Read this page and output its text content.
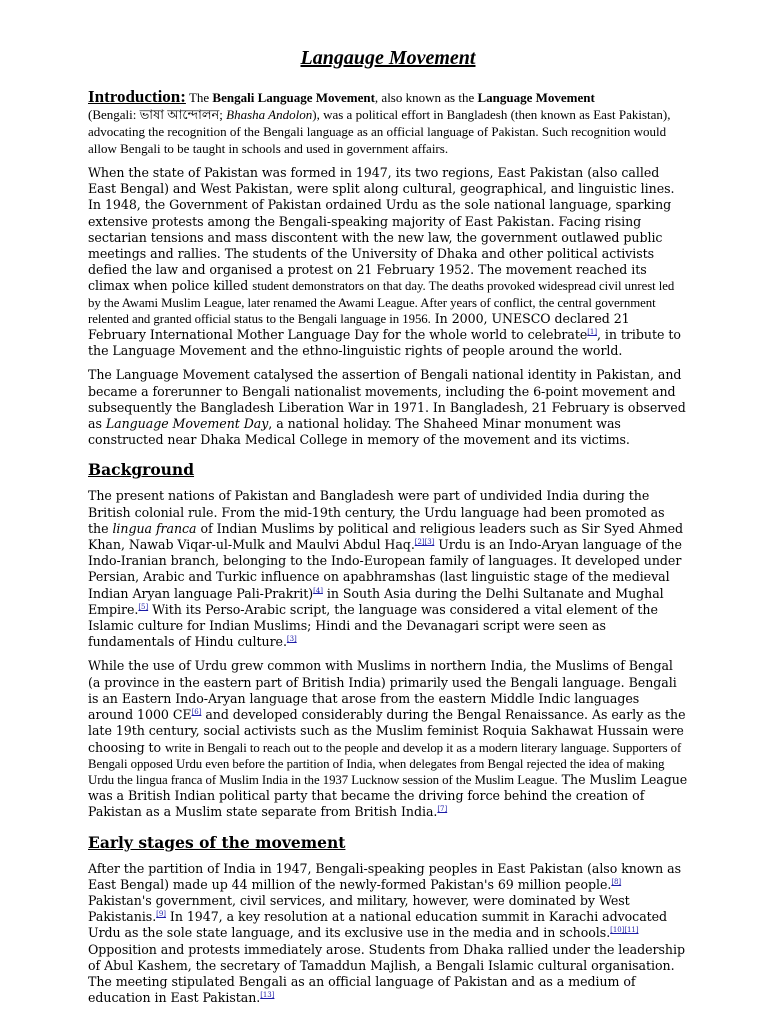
Langauge Movement

Introduction: The Bengali Language Movement, also known as the Language Movement
(Bengali: ভাষা আন্দোলন; Bhasha Andolon), was a political effort in Bangladesh (then known as East Pakistan), advocating the recognition of the Bengali language as an official language of Pakistan. Such recognition would allow Bengali to be taught in schools and used in government affairs.

When the state of Pakistan was formed in 1947, its two regions, East Pakistan (also called East Bengal) and West Pakistan, were split along cultural, geographical, and linguistic lines. In 1948, the Government of Pakistan ordained Urdu as the sole national language, sparking extensive protests among the Bengali-speaking majority of East Pakistan. Facing rising sectarian tensions and mass discontent with the new law, the government outlawed public meetings and rallies. The students of the University of Dhaka and other political activists defied the law and organised a protest on 21 February 1952. The movement reached its climax when police killed student demonstrators on that day. The deaths provoked widespread civil unrest led by the Awami Muslim League, later renamed the Awami League. After years of conflict, the central government relented and granted official status to the Bengali language in 1956. In 2000, UNESCO declared 21 February International Mother Language Day for the whole world to celebrate[1], in tribute to the Language Movement and the ethno-linguistic rights of people around the world.

The Language Movement catalysed the assertion of Bengali national identity in Pakistan, and became a forerunner to Bengali nationalist movements, including the 6-point movement and subsequently the Bangladesh Liberation War in 1971. In Bangladesh, 21 February is observed as Language Movement Day, a national holiday. The Shaheed Minar monument was constructed near Dhaka Medical College in memory of the movement and its victims.

Background

The present nations of Pakistan and Bangladesh were part of undivided India during the British colonial rule. From the mid-19th century, the Urdu language had been promoted as the lingua franca of Indian Muslims by political and religious leaders such as Sir Syed Ahmed Khan, Nawab Viqar-ul-Mulk and Maulvi Abdul Haq.[2][3] Urdu is an Indo-Aryan language of the Indo-Iranian branch, belonging to the Indo-European family of languages. It developed under Persian, Arabic and Turkic influence on apabhramshas (last linguistic stage of the medieval Indian Aryan language Pali-Prakrit)[4] in South Asia during the Delhi Sultanate and Mughal Empire.[5] With its Perso-Arabic script, the language was considered a vital element of the Islamic culture for Indian Muslims; Hindi and the Devanagari script were seen as fundamentals of Hindu culture.[3]

While the use of Urdu grew common with Muslims in northern India, the Muslims of Bengal (a province in the eastern part of British India) primarily used the Bengali language. Bengali is an Eastern Indo-Aryan language that arose from the eastern Middle Indic languages around 1000 CE[6] and developed considerably during the Bengal Renaissance. As early as the late 19th century, social activists such as the Muslim feminist Roquia Sakhawat Hussain were choosing to write in Bengali to reach out to the people and develop it as a modern literary language. Supporters of Bengali opposed Urdu even before the partition of India, when delegates from Bengal rejected the idea of making Urdu the lingua franca of Muslim India in the 1937 Lucknow session of the Muslim League. The Muslim League was a British Indian political party that became the driving force behind the creation of Pakistan as a Muslim state separate from British India.[7]

Early stages of the movement

After the partition of India in 1947, Bengali-speaking peoples in East Pakistan (also known as East Bengal) made up 44 million of the newly-formed Pakistan's 69 million people.[8] Pakistan's government, civil services, and military, however, were dominated by West Pakistanis.[9] In 1947, a key resolution at a national education summit in Karachi advocated Urdu as the sole state language, and its exclusive use in the media and in schools.[10][11] Opposition and protests immediately arose. Students from Dhaka rallied under the leadership of Abul Kashem, the secretary of Tamaddun Majlish, a Bengali Islamic cultural organisation. The meeting stipulated Bengali as an official language of Pakistan and as a medium of education in East Pakistan.[13]
